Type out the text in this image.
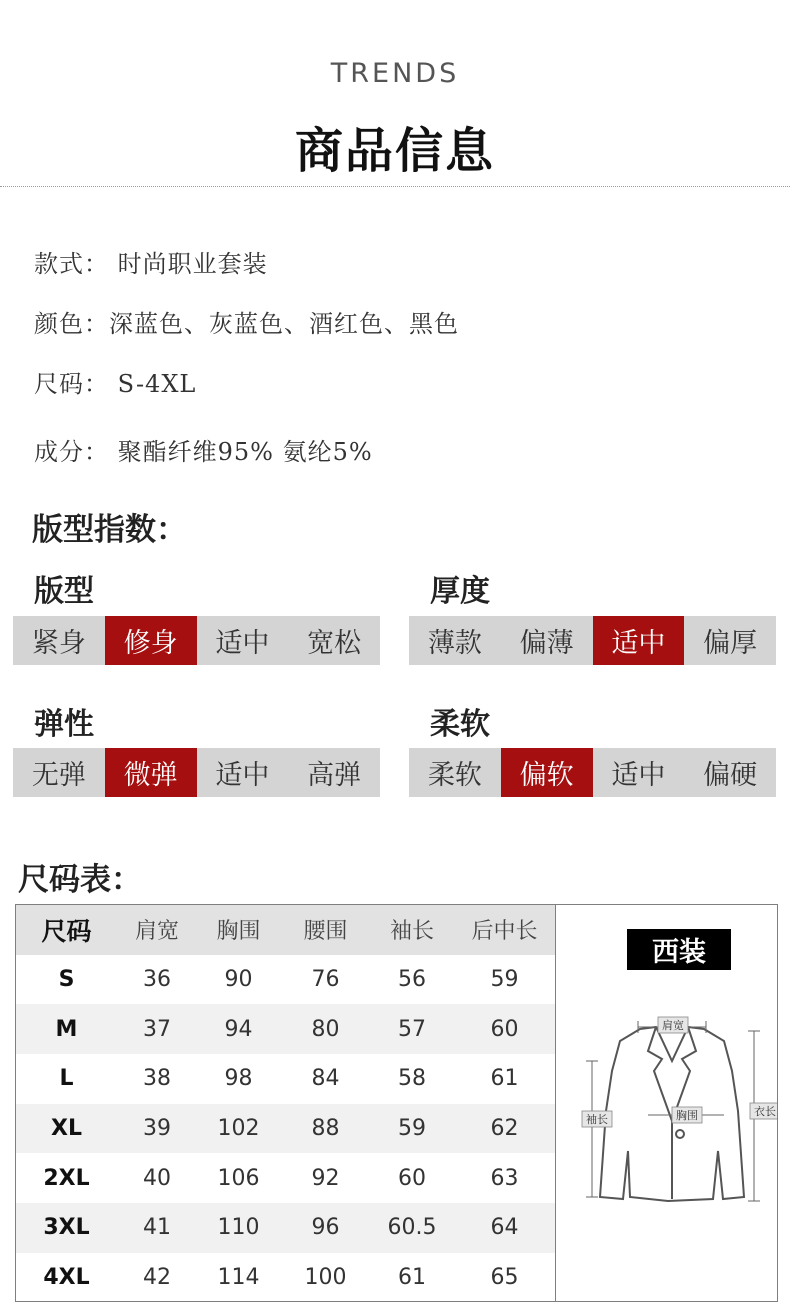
TRENDS
商品信息
款式： 时尚职业套装
颜色：深蓝色、灰蓝色、酒红色、黑色
尺码： S-4XL
成分： 聚酯纤维95% 氨纶5%
版型指数：
版型
紧身	修身	适中	宽松
厚度
薄款	偏薄	适中	偏厚
弹性
无弹	微弹	适中	高弹
柔软
柔软	偏软	适中	偏硬
尺码表：
尺码	肩宽	胸围	腰围	袖长	后中长
S	36	90	76	56	59
M	37	94	80	57	60
L	38	98	84	58	61
XL	39	102	88	59	62
2XL	40	106	92	60	63
3XL	41	110	96	60.5	64
4XL	42	114	100	61	65
西装
肩宽
胸围
袖长
衣长
